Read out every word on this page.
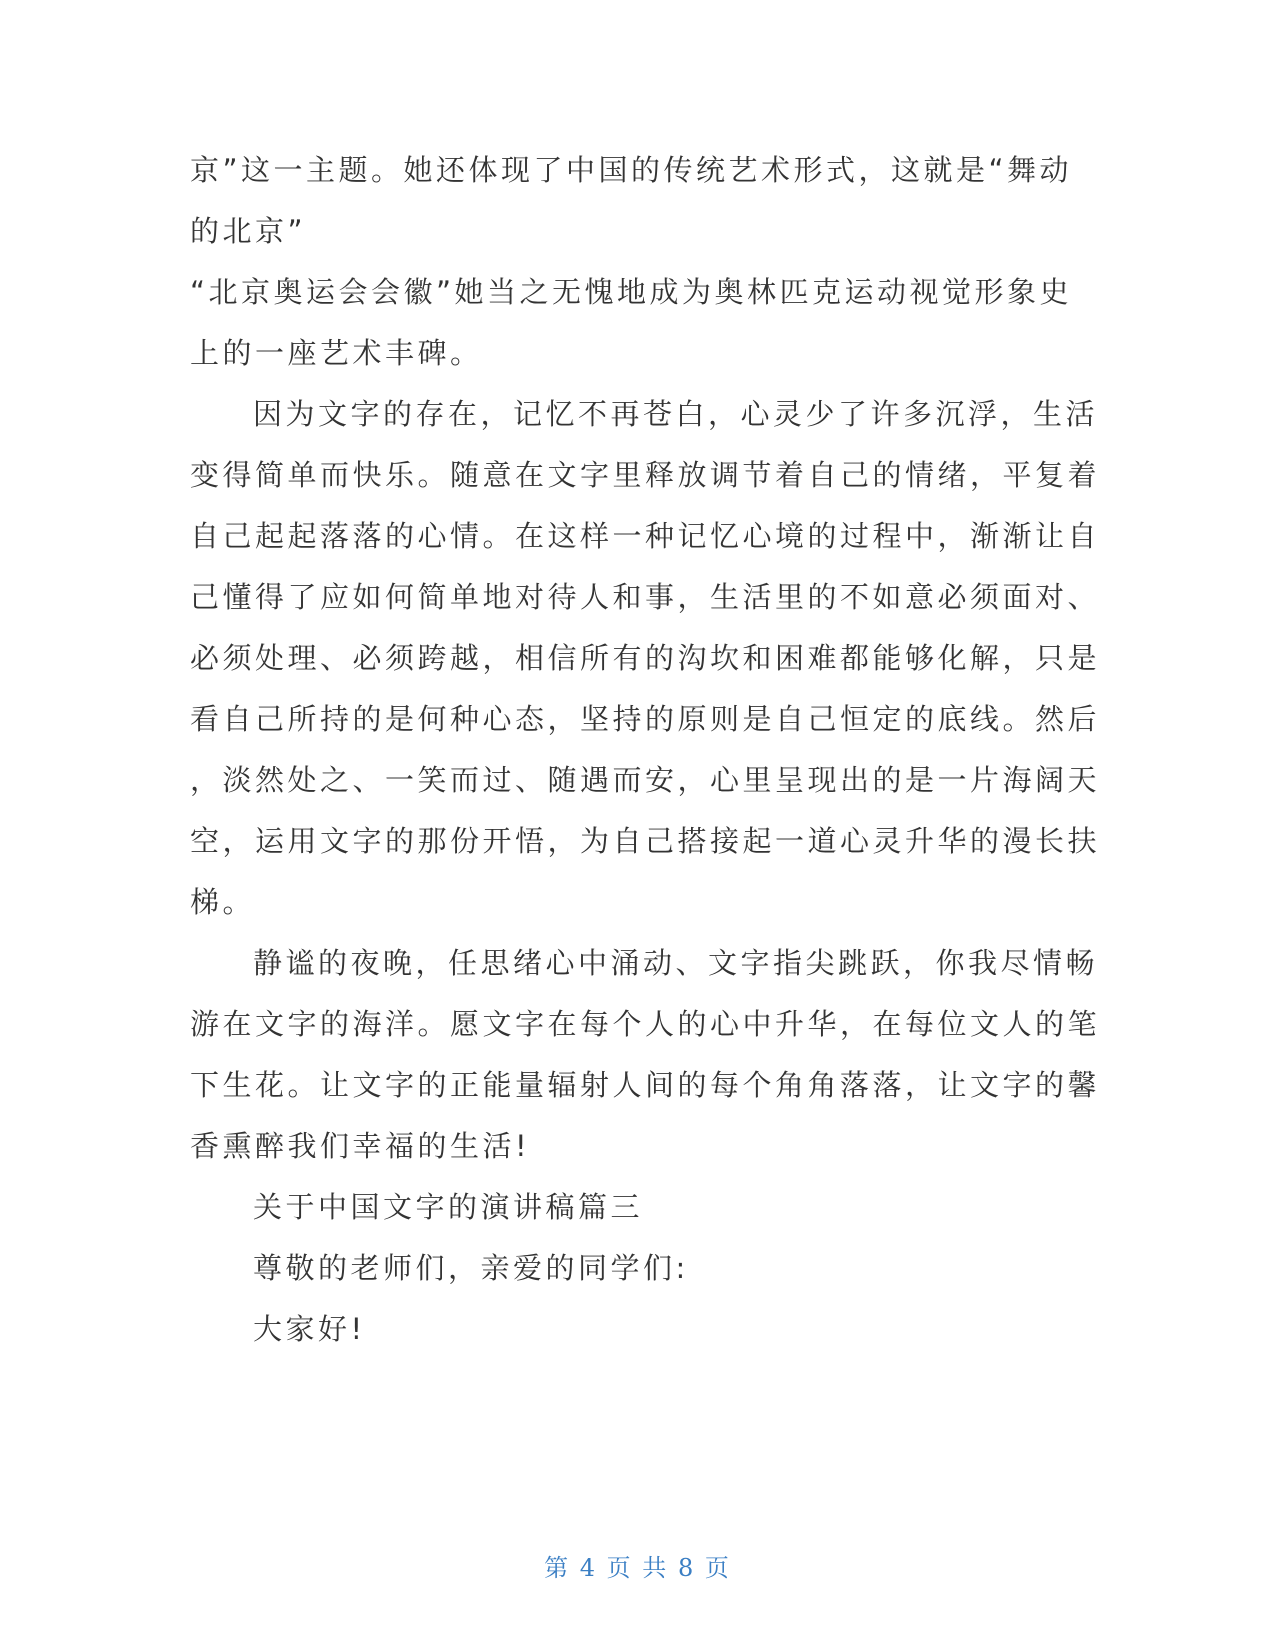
京”这一主题。她还体现了中国的传统艺术形式，这就是“舞动
的北京”
“北京奥运会会徽”她当之无愧地成为奥林匹克运动视觉形象史
上的一座艺术丰碑。
因为文字的存在，记忆不再苍白，心灵少了许多沉浮，生活
变得简单而快乐。随意在文字里释放调节着自己的情绪，平复着
自己起起落落的心情。在这样一种记忆心境的过程中，渐渐让自
己懂得了应如何简单地对待人和事，生活里的不如意必须面对、
必须处理、必须跨越，相信所有的沟坎和困难都能够化解，只是
看自己所持的是何种心态，坚持的原则是自己恒定的底线。然后
，淡然处之、一笑而过、随遇而安，心里呈现出的是一片海阔天
空，运用文字的那份开悟，为自己搭接起一道心灵升华的漫长扶
梯。
静谧的夜晚，任思绪心中涌动、文字指尖跳跃，你我尽情畅
游在文字的海洋。愿文字在每个人的心中升华，在每位文人的笔
下生花。让文字的正能量辐射人间的每个角角落落，让文字的馨
香熏醉我们幸福的生活!
关于中国文字的演讲稿篇三
尊敬的老师们，亲爱的同学们:
大家好!
第 4 页 共 8 页
